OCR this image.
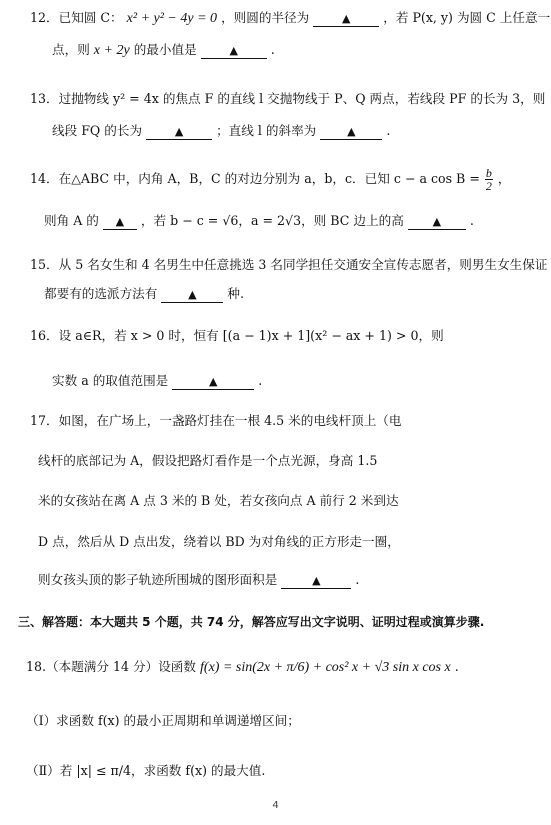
12．已知圆 C： x² + y² − 4y = 0 ，则圆的半径为	▲	，若 P(x, y) 为圆 C 上任意一
点，则 x + 2y 的最小值是	▲	.
13．过抛物线 y² = 4x 的焦点 F 的直线 l 交抛物线于 P、Q 两点，若线段 PF 的长为 3，则
线段 FQ 的长为	▲	；直线 l 的斜率为	▲ .
14．在△ABC 中，内角 A，B，C 的对边分别为 a，b，c．已知 c − a $\cos B = \frac{b}{2}$ ，
则角 A 的 ▲ ，若 b − c = √6，a = 2√3，则 BC 边上的高	▲ .
15．从 5 名女生和 4 名男生中任意挑选 3 名同学担任交通安全宣传志愿者，则男生女生保证
都要有的选派方法有	▲ 种.
16．设 a∈R，若 x > 0 时，恒有 [(a − 1)x + 1](x² − ax + 1) > 0，则
实数 a 的取值范围是	▲	.
17．如图，在广场上，一盏路灯挂在一根 4.5 米的电线杆顶上（电
线杆的底部记为 A，假设把路灯看作是一个点光源，身高 1.5
米的女孩站在离 A 点 3 米的 B 处，若女孩向点 A 前行 2 米到达
D 点，然后从 D 点出发，绕着以 BD 为对角线的正方形走一圈，
则女孩头顶的影子轨迹所围城的图形面积是	▲	.
三、解答题：本大题共 5 个题，共 74 分，解答应写出文字说明、证明过程或演算步骤.
18.（本题满分 14 分）设函数 f(x) = sin(2x + π/6) + cos² x + √3 sin x cos x .
（Ⅰ）求函数 f(x) 的最小正周期和单调递增区间；
（Ⅱ）若 |x| ≤ π/4，求函数 f(x) 的最大值.
4
